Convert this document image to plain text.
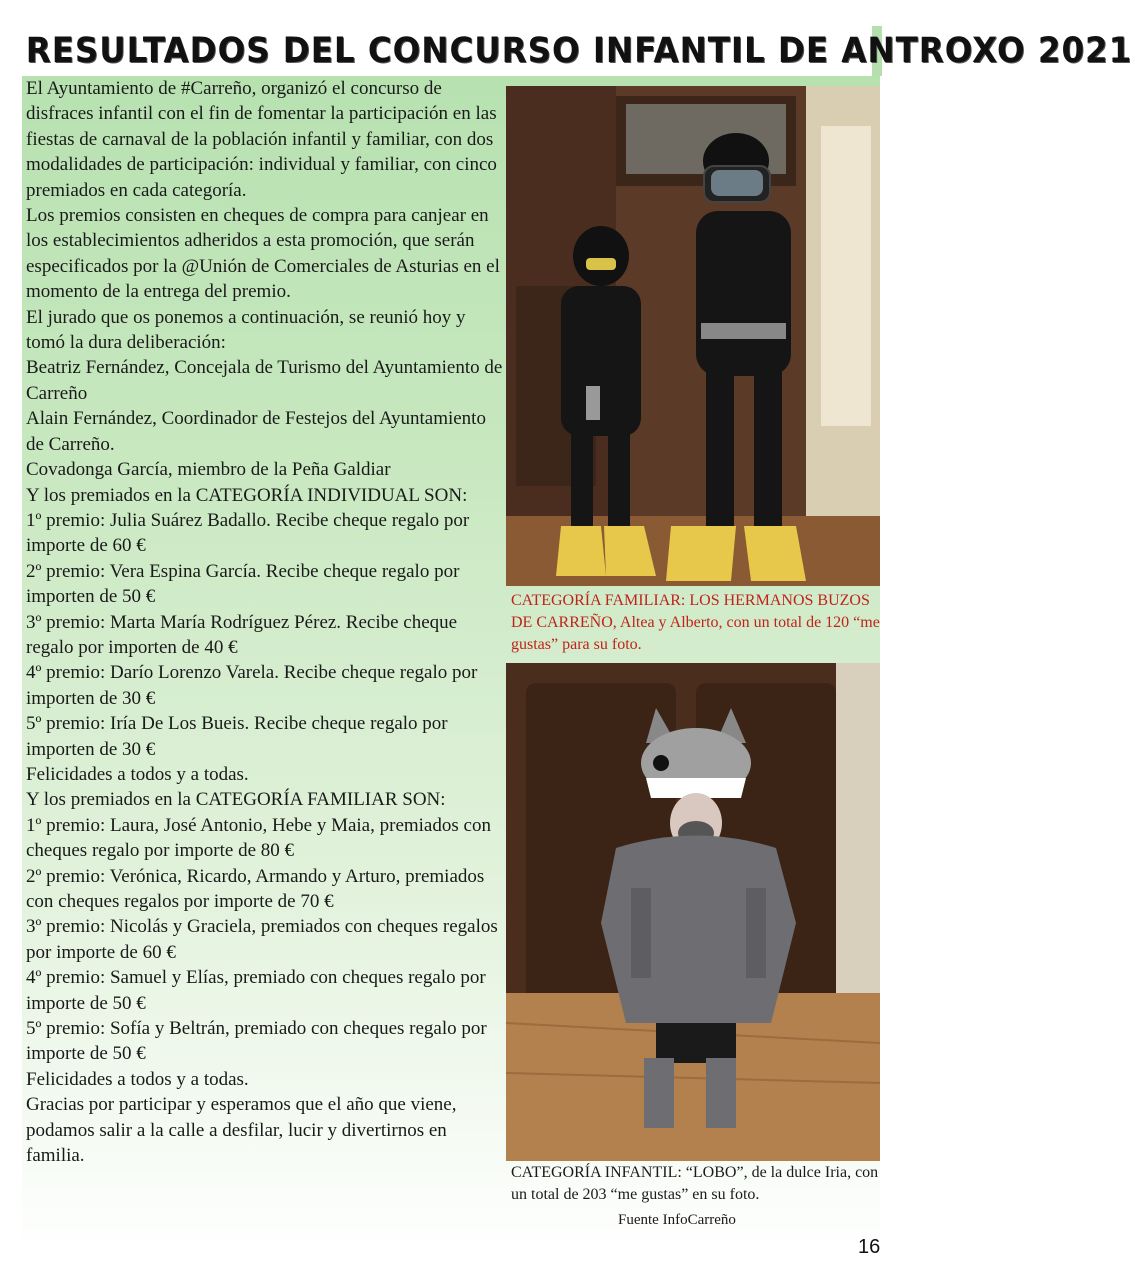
RESULTADOS DEL CONCURSO INFANTIL DE ANTROXO 2021

El Ayuntamiento de #Carreño, organizó el concurso de disfraces infantil con el fin de fomentar la participación en las fiestas de carnaval de la población infantil y familiar, con dos modalidades de participación: individual y familiar, con cinco premiados en cada categoría.

Los premios consisten en cheques de compra para canjear en los establecimientos adheridos a esta promoción, que serán especificados por la @Unión de Comerciales de Asturias en el momento de la entrega del premio.

El jurado que os ponemos a continuación, se reunió hoy y tomó la dura deliberación:

Beatriz Fernández, Concejala de Turismo del Ayuntamiento de Carreño

Alain Fernández, Coordinador de Festejos del Ayuntamiento de Carreño.

Covadonga García, miembro de la Peña Galdiar

Y los premiados en la CATEGORÍA INDIVIDUAL SON:

1º premio: Julia Suárez Badallo. Recibe cheque regalo por importe de 60 €

2º premio: Vera Espina García. Recibe cheque regalo por importen de 50 €

3º premio: Marta María Rodríguez Pérez. Recibe cheque regalo por importen de 40 €

4º premio: Darío Lorenzo Varela. Recibe cheque regalo por importen de 30 €

5º premio: Iría De Los Bueis. Recibe cheque regalo por importen de 30 €

Felicidades a todos y a todas.

Y los premiados en la CATEGORÍA FAMILIAR SON:

1º premio: Laura, José Antonio, Hebe y Maia, premiados con cheques regalo por importe de 80 €

2º premio: Verónica, Ricardo, Armando y Arturo, premiados con cheques regalos por importe de 70 €

3º premio: Nicolás y Graciela, premiados con cheques regalos por importe de 60 €

4º premio: Samuel y Elías, premiado con cheques regalo por importe de 50 €

5º premio: Sofía y Beltrán, premiado con cheques regalo por importe de 50 €

Felicidades a todos y a todas.

Gracias por participar y esperamos que el año que viene, podamos salir a la calle a desfilar, lucir y divertirnos en familia.

CATEGORÍA FAMILIAR: LOS HERMANOS BUZOS DE CARREÑO, Altea y Alberto, con un total de 120 “me gustas” para su foto.
CATEGORÍA INFANTIL: “LOBO”, de la dulce Iria, con un total de 203 “me gustas” en su foto.
Fuente InfoCarreño
16
